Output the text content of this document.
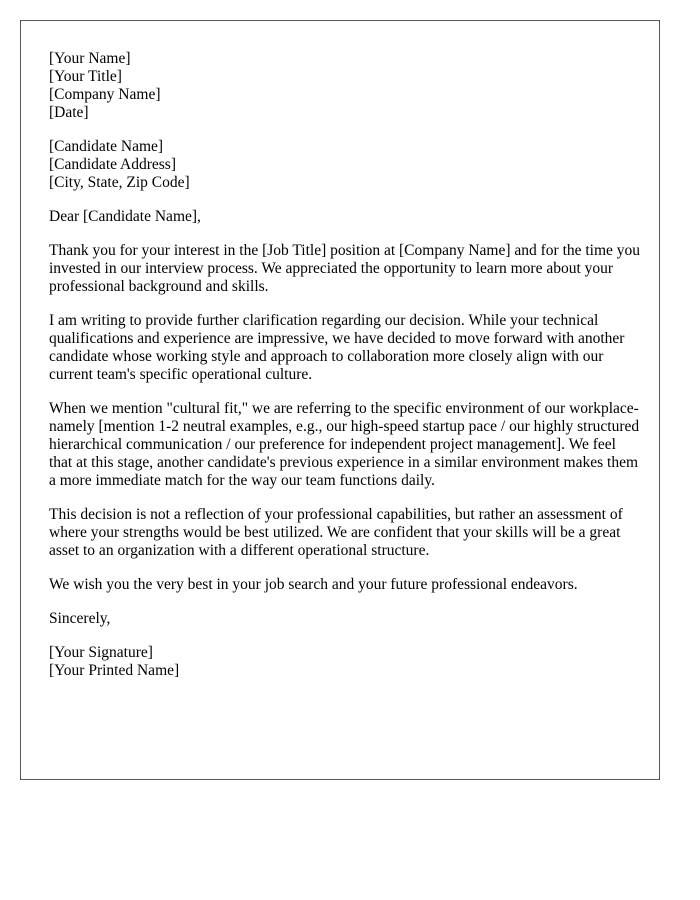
[Your Name]
[Your Title]
[Company Name]
[Date]
[Candidate Name]
[Candidate Address]
[City, State, Zip Code]

Dear [Candidate Name],

Thank you for your interest in the [Job Title] position at [Company Name] and for the time you invested in our interview process. We appreciated the opportunity to learn more about your professional background and skills.

I am writing to provide further clarification regarding our decision. While your technical qualifications and experience are impressive, we have decided to move forward with another candidate whose working style and approach to collaboration more closely align with our current team's specific operational culture.

When we mention "cultural fit," we are referring to the specific environment of our workplace-namely [mention 1-2 neutral examples, e.g., our high-speed startup pace / our highly structured hierarchical communication / our preference for independent project management]. We feel that at this stage, another candidate's previous experience in a similar environment makes them a more immediate match for the way our team functions daily.

This decision is not a reflection of your professional capabilities, but rather an assessment of where your strengths would be best utilized. We are confident that your skills will be a great asset to an organization with a different operational structure.

We wish you the very best in your job search and your future professional endeavors.

Sincerely,

[Your Signature]
[Your Printed Name]
